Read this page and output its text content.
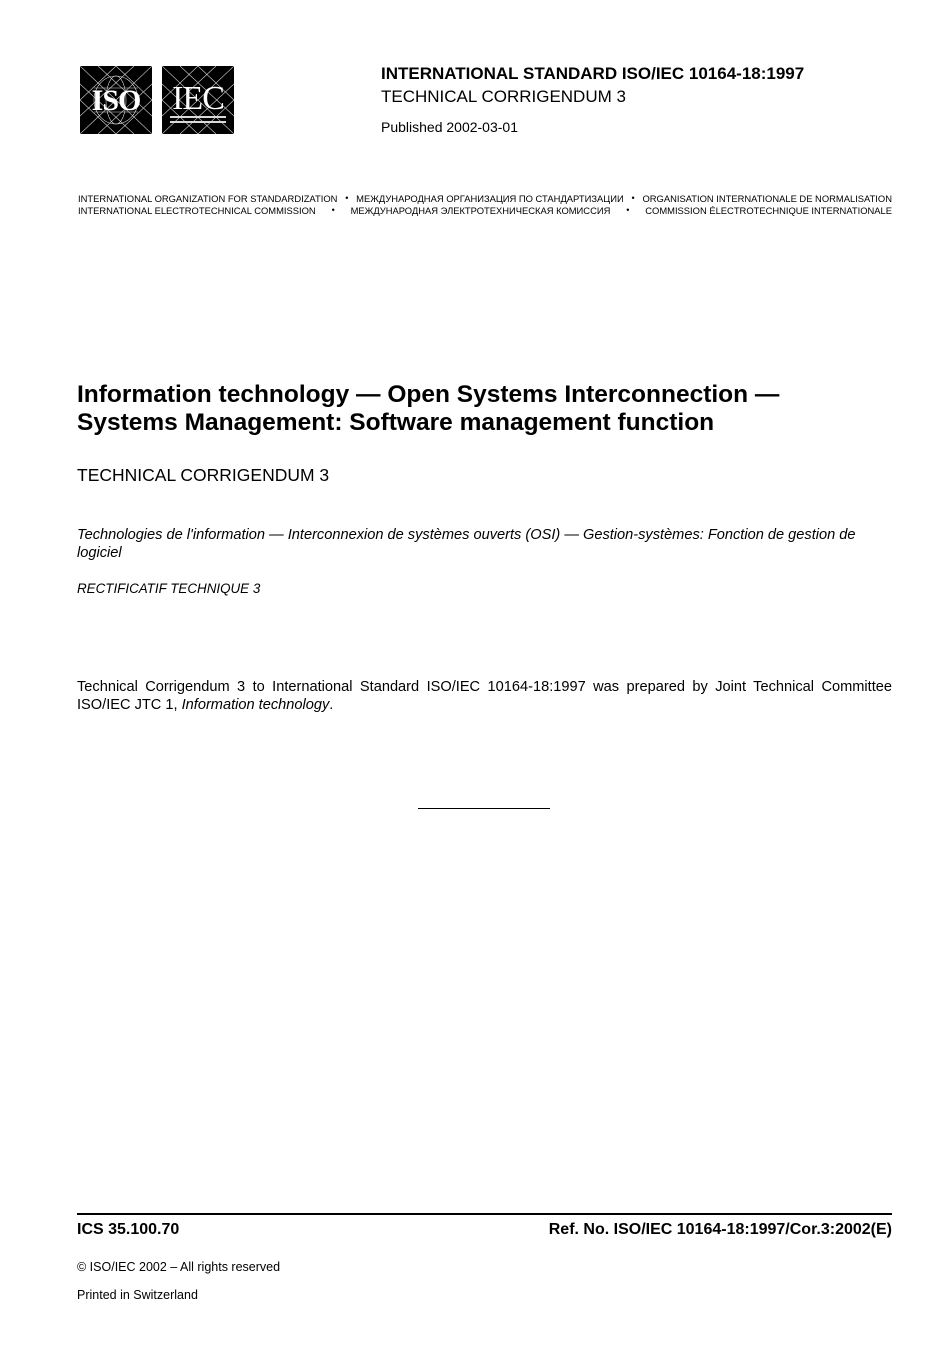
ISO IEC
INTERNATIONAL STANDARD ISO/IEC 10164-18:1997
TECHNICAL CORRIGENDUM 3
Published 2002-03-01
INTERNATIONAL ORGANIZATION FOR STANDARDIZATION • МЕЖДУНАРОДНАЯ ОРГАНИЗАЦИЯ ПО СТАНДАРТИЗАЦИИ • ORGANISATION INTERNATIONALE DE NORMALISATION
INTERNATIONAL ELECTROTECHNICAL COMMISSION • МЕЖДУНАРОДНАЯ ЭЛЕКТРОТЕХНИЧЕСКАЯ КОМИССИЯ • COMMISSION ÉLECTROTECHNIQUE INTERNATIONALE
Information technology — Open Systems Interconnection —
Systems Management: Software management function
TECHNICAL CORRIGENDUM 3
Technologies de l'information — Interconnexion de systèmes ouverts (OSI) — Gestion-systèmes: Fonction de gestion de logiciel
RECTIFICATIF TECHNIQUE 3
Technical Corrigendum 3 to International Standard ISO/IEC 10164-18:1997 was prepared by Joint Technical Committee ISO/IEC JTC 1, Information technology.
ICS 35.100.70	Ref. No. ISO/IEC 10164-18:1997/Cor.3:2002(E)
© ISO/IEC 2002 – All rights reserved
Printed in Switzerland
